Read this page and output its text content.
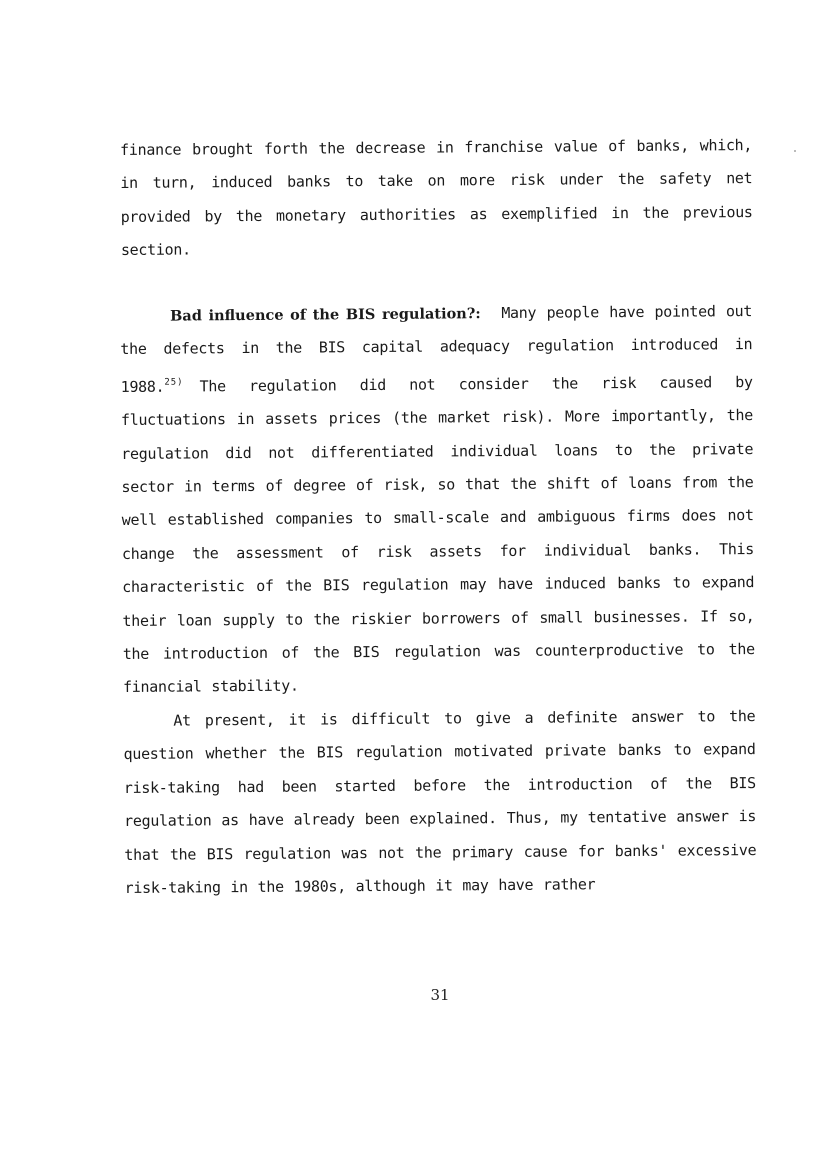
finance brought forth the decrease in franchise value of banks, which, in turn, induced banks to take on more risk under the safety net provided by the monetary authorities as exemplified in the previous section.

Bad influence of the BIS regulation?: Many people have pointed out the defects in the BIS capital adequacy regulation introduced in 1988.$^{25)}$ The regulation did not consider the risk caused by fluctuations in assets prices (the market risk). More importantly, the regulation did not differentiated individual loans to the private sector in terms of degree of risk, so that the shift of loans from the well established companies to small-scale and ambiguous firms does not change the assessment of risk assets for individual banks. This characteristic of the BIS regulation may have induced banks to expand their loan supply to the riskier borrowers of small businesses. If so, the introduction of the BIS regulation was counterproductive to the financial stability.

At present, it is difficult to give a definite answer to the question whether the BIS regulation motivated private banks to expand risk-taking had been started before the introduction of the BIS regulation as have already been explained. Thus, my tentative answer is that the BIS regulation was not the primary cause for banks' excessive risk-taking in the 1980s, although it may have rather

31
